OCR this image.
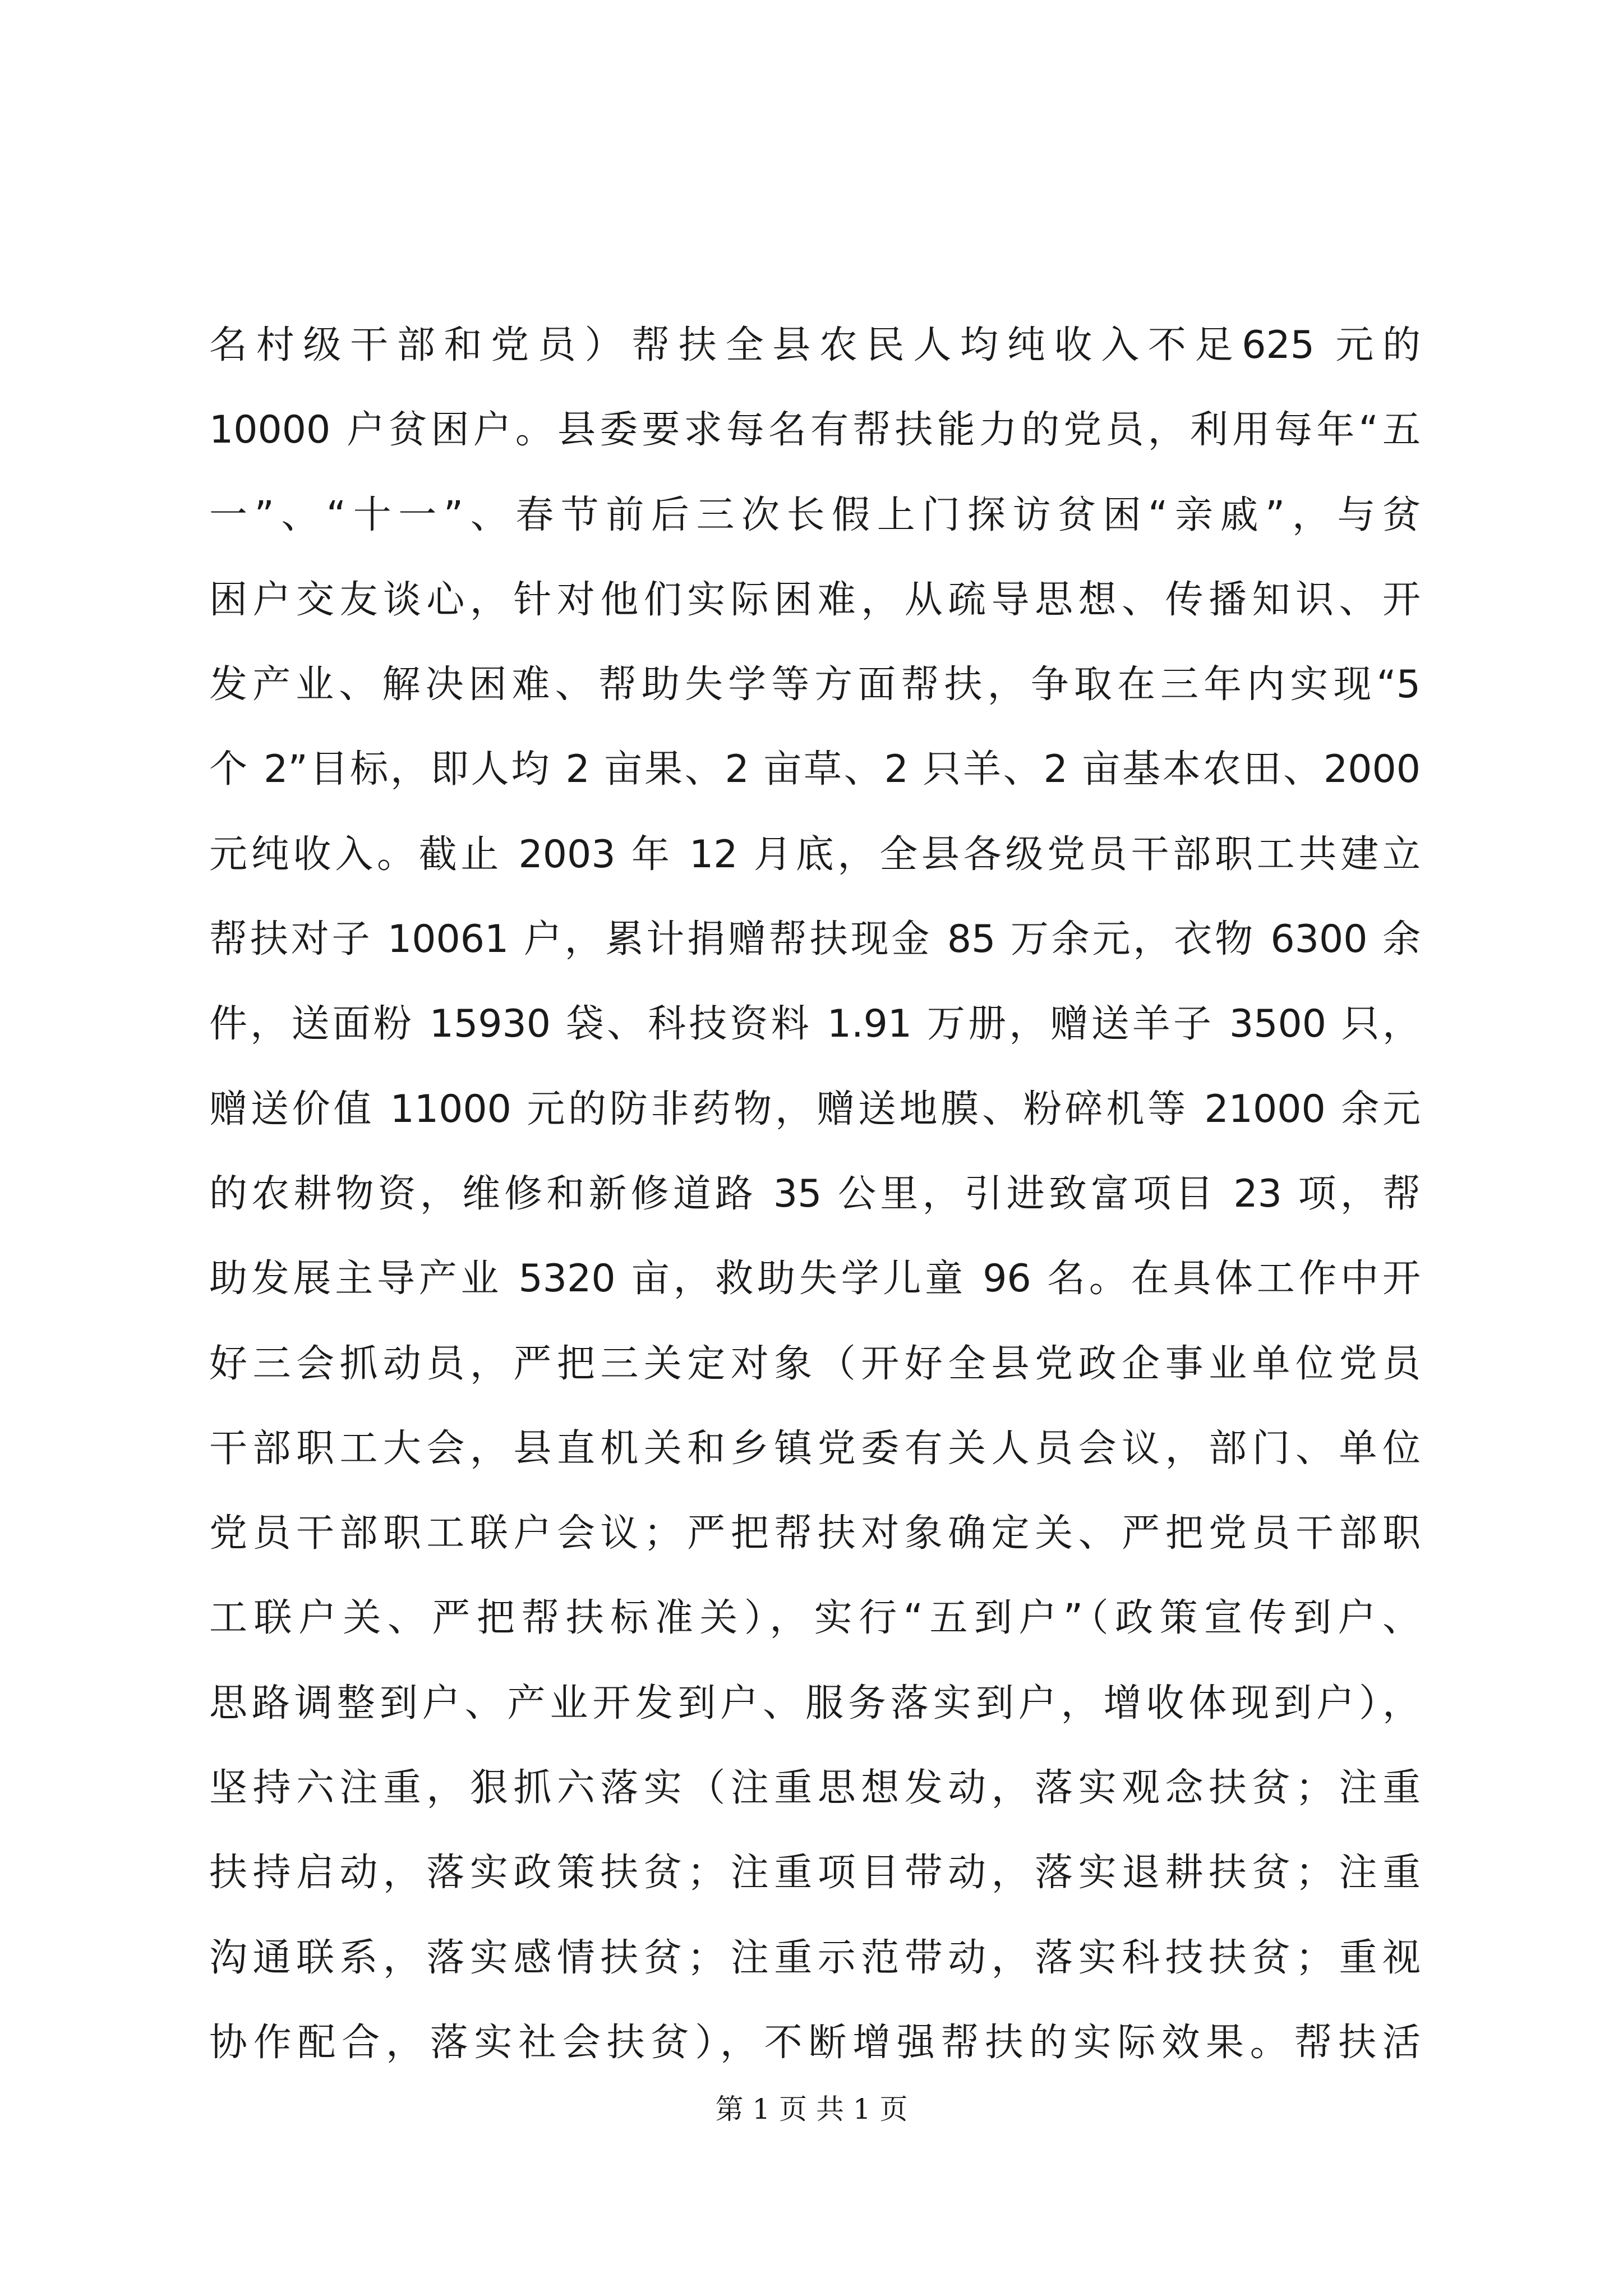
名村级干部和党员）帮扶全县农民人均纯收入不足625 元的
10000 户贫困户。县委要求每名有帮扶能力的党员，利用每年“五
一”、“十一”、春节前后三次长假上门探访贫困“亲戚”，与贫
困户交友谈心，针对他们实际困难，从疏导思想、传播知识、开
发产业、解决困难、帮助失学等方面帮扶，争取在三年内实现“5
个 2”目标，即人均 2 亩果、2 亩草、2 只羊、2 亩基本农田、2000
元纯收入。截止 2003 年 12 月底，全县各级党员干部职工共建立
帮扶对子 10061 户，累计捐赠帮扶现金 85 万余元，衣物 6300 余
件，送面粉 15930 袋、科技资料 1.91 万册，赠送羊子 3500 只，
赠送价值 11000 元的防非药物，赠送地膜、粉碎机等 21000 余元
的农耕物资，维修和新修道路 35 公里，引进致富项目 23 项，帮
助发展主导产业 5320 亩，救助失学儿童 96 名。在具体工作中开
好三会抓动员，严把三关定对象（开好全县党政企事业单位党员
干部职工大会，县直机关和乡镇党委有关人员会议，部门、单位
党员干部职工联户会议；严把帮扶对象确定关、严把党员干部职
工联户关、严把帮扶标准关），实行“五到户”（政策宣传到户、
思路调整到户、产业开发到户、服务落实到户，增收体现到户），
坚持六注重，狠抓六落实（注重思想发动，落实观念扶贫；注重
扶持启动，落实政策扶贫；注重项目带动，落实退耕扶贫；注重
沟通联系，落实感情扶贫；注重示范带动，落实科技扶贫；重视
协作配合，落实社会扶贫），不断增强帮扶的实际效果。帮扶活
第 1 页 共 1 页
